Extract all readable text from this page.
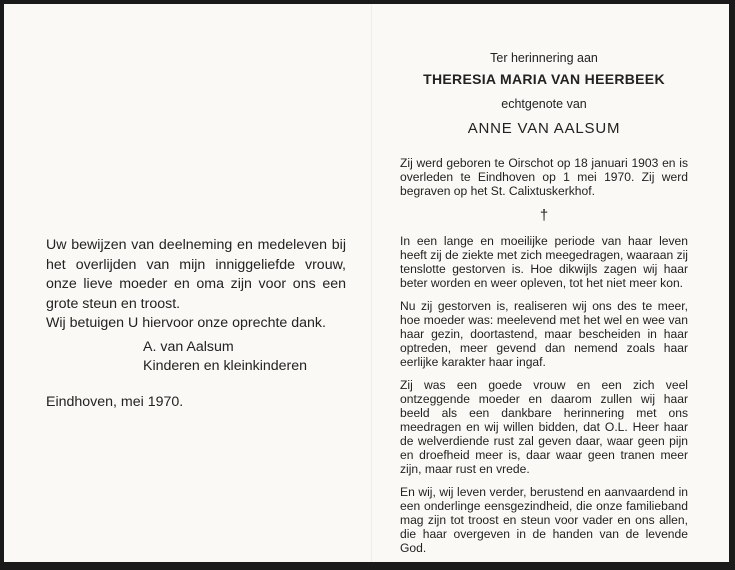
Uw bewijzen van deelneming en medeleven bij het overlijden van mijn inniggeliefde vrouw, onze lieve moeder en oma zijn voor ons een grote steun en troost.

Wij betuigen U hiervoor onze oprechte dank.

A. van Aalsum

Kinderen en kleinkinderen

Eindhoven, mei 1970.

Ter herinnering aan
THERESIA MARIA VAN HEERBEEK
echtgenote van
ANNE VAN AALSUM

Zij werd geboren te Oirschot op 18 januari 1903 en is overleden te Eindhoven op 1 mei 1970. Zij werd begraven op het St. Calixtuskerkhof.

†

In een lange en moeilijke periode van haar leven heeft zij de ziekte met zich meegedragen, waaraan zij tenslotte gestorven is. Hoe dikwijls zagen wij haar beter worden en weer opleven, tot het niet meer kon.

Nu zij gestorven is, realiseren wij ons des te meer, hoe moeder was: meelevend met het wel en wee van haar gezin, doortastend, maar bescheiden in haar optreden, meer gevend dan nemend zoals haar eerlijke karakter haar ingaf.

Zij was een goede vrouw en een zich veel ontzeggende moeder en daarom zullen wij haar beeld als een dankbare herinnering met ons meedragen en wij willen bidden, dat O.L. Heer haar de welverdiende rust zal geven daar, waar geen pijn en droefheid meer is, daar waar geen tranen meer zijn, maar rust en vrede.

En wij, wij leven verder, berustend en aanvaardend in een onderlinge eensgezindheid, die onze familieband mag zijn tot troost en steun voor vader en ons allen, die haar overgeven in de handen van de levende God.
